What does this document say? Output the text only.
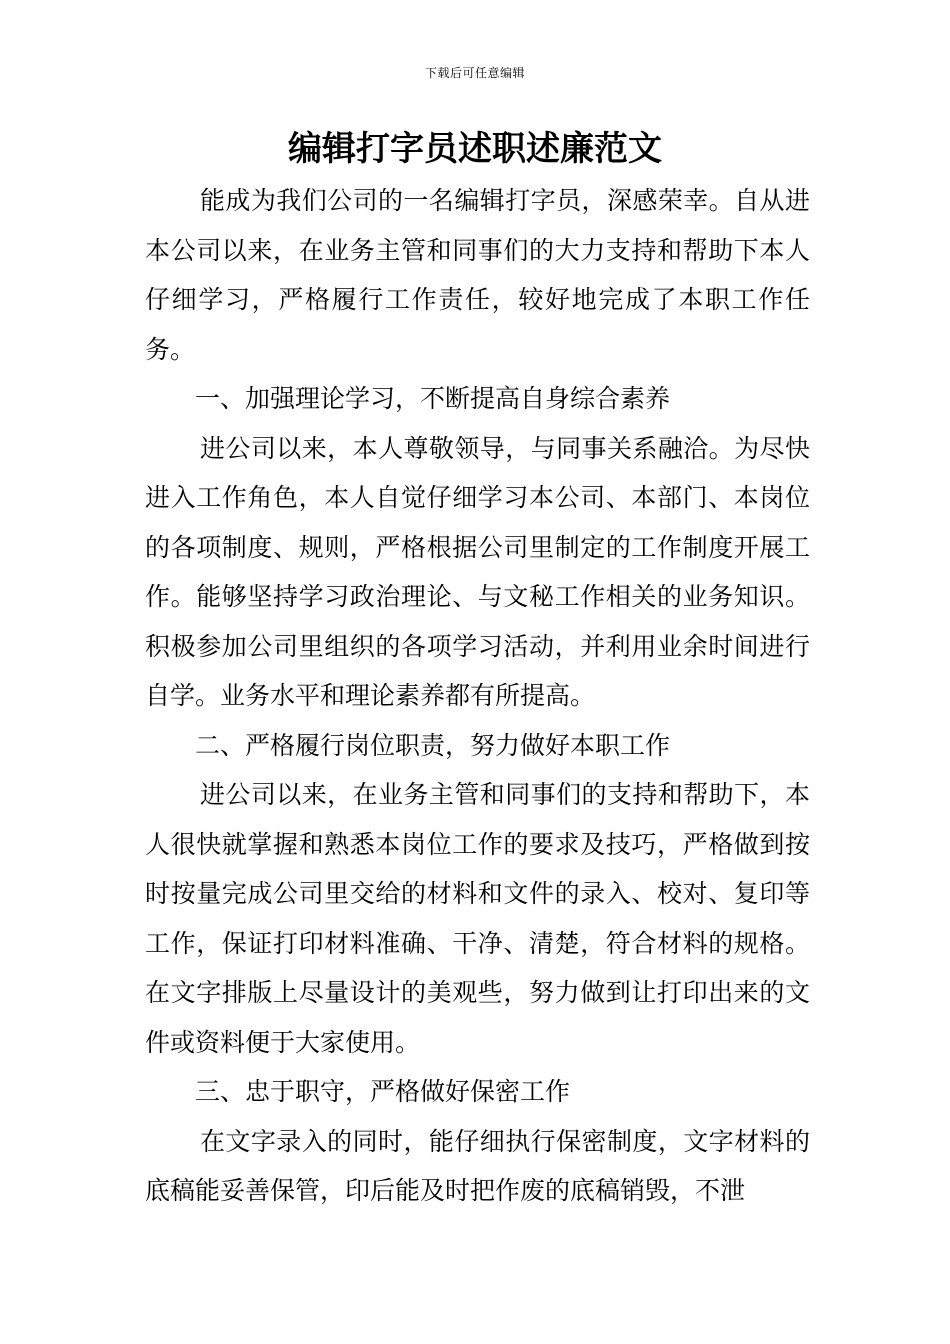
下载后可任意编辑
编辑打字员述职述廉范文

能成为我们公司的一名编辑打字员，深感荣幸。自从进本公司以来，在业务主管和同事们的大力支持和帮助下本人仔细学习，严格履行工作责任，较好地完成了本职工作任务。

一、加强理论学习，不断提高自身综合素养

进公司以来，本人尊敬领导，与同事关系融洽。为尽快进入工作角色，本人自觉仔细学习本公司、本部门、本岗位的各项制度、规则，严格根据公司里制定的工作制度开展工作。能够坚持学习政治理论、与文秘工作相关的业务知识。积极参加公司里组织的各项学习活动，并利用业余时间进行自学。业务水平和理论素养都有所提高。

二、严格履行岗位职责，努力做好本职工作

进公司以来，在业务主管和同事们的支持和帮助下，本人很快就掌握和熟悉本岗位工作的要求及技巧，严格做到按时按量完成公司里交给的材料和文件的录入、校对、复印等工作，保证打印材料准确、干净、清楚，符合材料的规格。在文字排版上尽量设计的美观些，努力做到让打印出来的文件或资料便于大家使用。

三、忠于职守，严格做好保密工作

在文字录入的同时，能仔细执行保密制度，文字材料的底稿能妥善保管，印后能及时把作废的底稿销毁，不泄
